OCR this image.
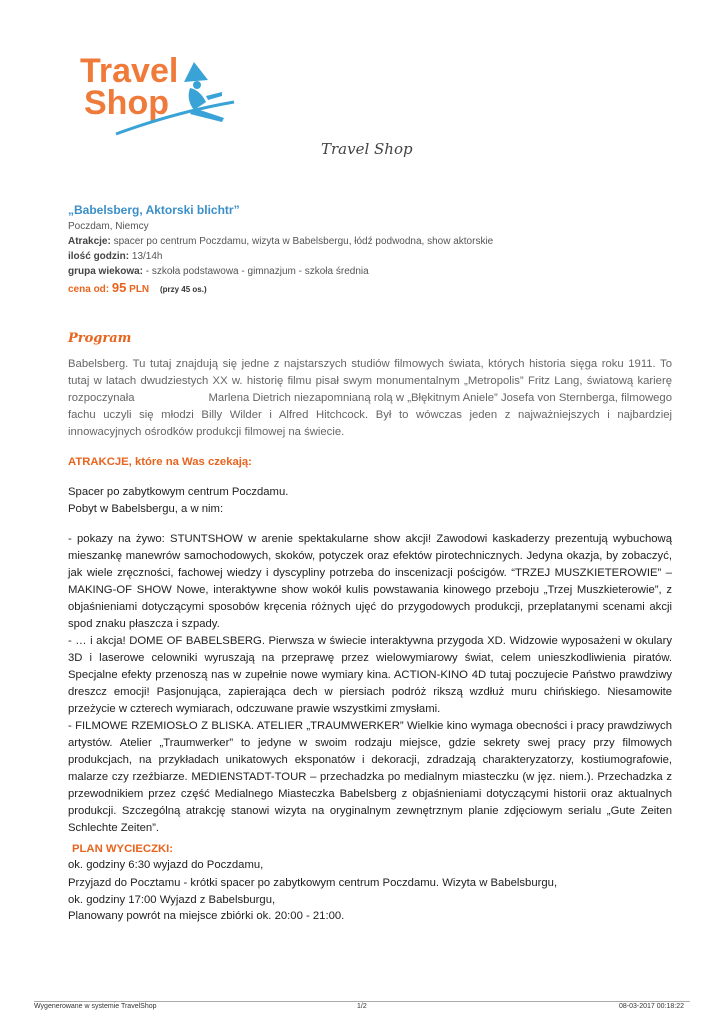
Travel
Shop
Travel Shop
„Babelsberg, Aktorski blichtr”
Poczdam, Niemcy
Atrakcje: spacer po centrum Poczdamu, wizyta w Babelsbergu, łódź podwodna, show aktorskie
ilość godzin: 13/14h
grupa wiekowa: - szkoła podstawowa - gimnazjum - szkoła średnia
cena od: 95 PLN (przy 45 os.)
Program
Babelsberg. Tu tutaj znajdują się jedne z najstarszych studiów filmowych świata, których historia sięga roku 1911. To tutaj w latach dwudziestych XX w. historię filmu pisał swym monumentalnym „Metropolis” Fritz Lang, światową karierę rozpoczynała                       Marlena Dietrich niezapomnianą rolą w „Błękitnym Aniele” Josefa von Sternberga, filmowego fachu uczyli się młodzi Billy Wilder i Alfred Hitchcock. Był to wówczas jeden z najważniejszych i najbardziej innowacyjnych ośrodków produkcji filmowej na świecie.
ATRAKCJE, które na Was czekają:
Spacer po zabytkowym centrum Poczdamu.
Pobyt w Babelsbergu, a w nim:
- pokazy na żywo: STUNTSHOW w arenie spektakularne show akcji! Zawodowi kaskaderzy prezentują wybuchową mieszankę manewrów samochodowych, skoków, potyczek oraz efektów pirotechnicznych. Jedyna okazja, by zobaczyć, jak wiele zręczności, fachowej wiedzy i dyscypliny potrzeba do inscenizacji pościgów. “TRZEJ MUSZKIETEROWIE” – MAKING-OF SHOW Nowe, interaktywne show wokół kulis powstawania kinowego przeboju „Trzej Muszkieterowie”, z objaśnieniami dotyczącymi sposobów kręcenia różnych ujęć do przygodowych produkcji, przeplatanymi scenami akcji spod znaku płaszcza i szpady.
- … i akcja! DOME OF BABELSBERG. Pierwsza w świecie interaktywna przygoda XD. Widzowie wyposażeni w okulary 3D i laserowe celowniki wyruszają na przeprawę przez wielowymiarowy świat, celem unieszkodliwienia piratów. Specjalne efekty przenoszą nas w zupełnie nowe wymiary kina. ACTION-KINO 4D tutaj poczujecie Państwo prawdziwy dreszcz emocji! Pasjonująca, zapierająca dech w piersiach podróż rikszą wzdłuż muru chińskiego. Niesamowite przeżycie w czterech wymiarach, odczuwane prawie wszystkimi zmysłami.
- FILMOWE RZEMIOSŁO Z BLISKA. ATELIER „TRAUMWERKER” Wielkie kino wymaga obecności i pracy prawdziwych artystów. Atelier „Traumwerker” to jedyne w swoim rodzaju miejsce, gdzie sekrety swej pracy przy filmowych produkcjach, na przykładach unikatowych eksponatów i dekoracji, zdradzają charakteryzatorzy, kostiumografowie, malarze czy rzeźbiarze. MEDIENSTADT-TOUR – przechadzka po medialnym miasteczku (w jęz. niem.). Przechadzka z przewodnikiem przez część Medialnego Miasteczka Babelsberg z objaśnieniami dotyczącymi historii oraz aktualnych produkcji. Szczególną atrakcję stanowi wizyta na oryginalnym zewnętrznym planie zdjęciowym serialu „Gute Zeiten Schlechte Zeiten”.
PLAN WYCIECZKI:
ok. godziny 6:30 wyjazd do Poczdamu,
Przyjazd do Pocztamu - krótki spacer po zabytkowym centrum Poczdamu. Wizyta w Babelsburgu,
ok. godziny 17:00 Wyjazd z Babelsburgu,
Planowany powrót na miejsce zbiórki ok. 20:00 - 21:00.
Wygenerowane w systemie TravelShop	1/2	08-03-2017 00:18:22
